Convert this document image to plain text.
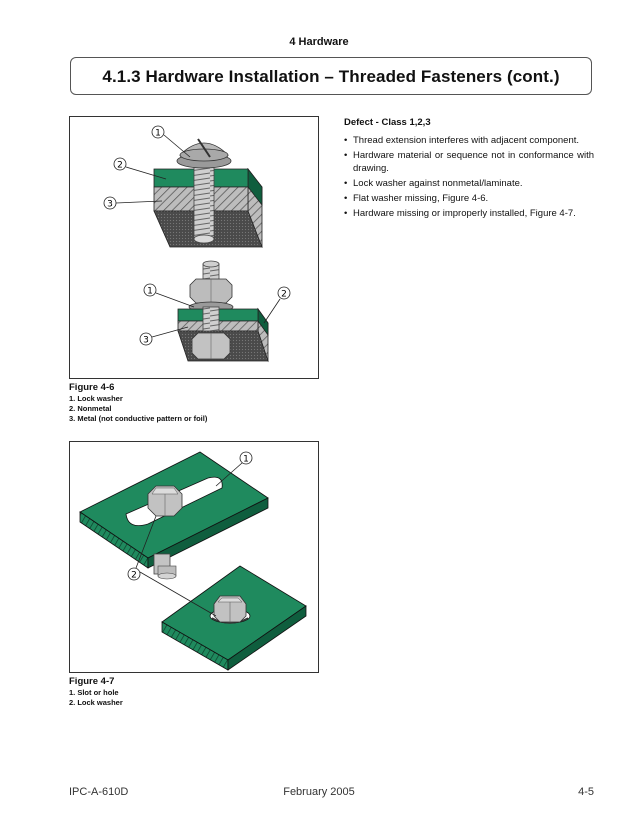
4 Hardware
4.1.3 Hardware Installation – Threaded Fasteners (cont.)
1
2
3
1	2
3
Figure 4-6
1. Lock washer
2. Nonmetal
3. Metal (not conductive pattern or foil)
1
2
Figure 4-7
1. Slot or hole
2. Lock washer
Defect - Class 1,2,3
• Thread extension interferes with adjacent component.
• Hardware material or sequence not in conformance with drawing.
• Lock washer against nonmetal/laminate.
• Flat washer missing, Figure 4-6.
• Hardware missing or improperly installed, Figure 4-7.
IPC-A-610D	February 2005	4-5
